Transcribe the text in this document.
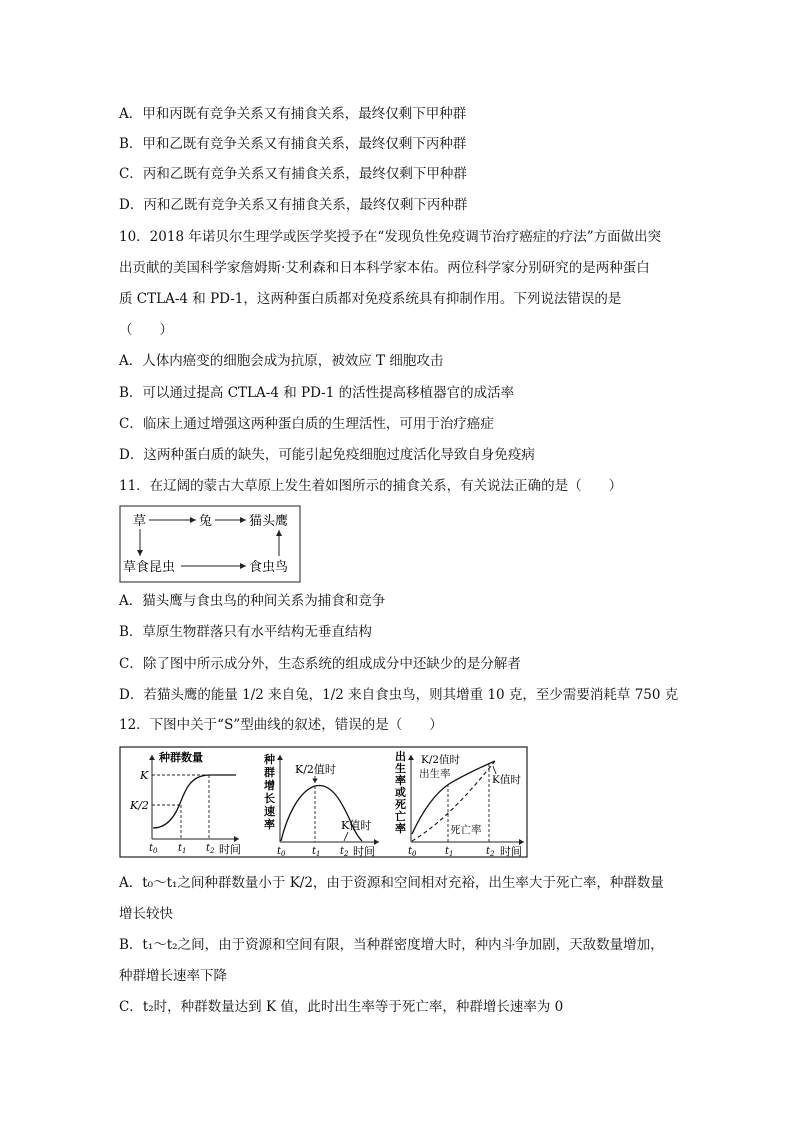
A．甲和丙既有竞争关系又有捕食关系，最终仅剩下甲种群
B．甲和乙既有竞争关系又有捕食关系，最终仅剩下丙种群
C．丙和乙既有竞争关系又有捕食关系，最终仅剩下甲种群
D．丙和乙既有竞争关系又有捕食关系，最终仅剩下丙种群
10．2018 年诺贝尔生理学或医学奖授予在“发现负性免疫调节治疗癌症的疗法”方面做出突
出贡献的美国科学家詹姆斯·艾利森和日本科学家本佑。两位科学家分别研究的是两种蛋白
质 CTLA-4 和 PD-1，这两种蛋白质都对免疫系统具有抑制作用。下列说法错误的是
（　　）
A．人体内癌变的细胞会成为抗原，被效应 T 细胞攻击
B．可以通过提高 CTLA-4 和 PD-1 的活性提高移植器官的成活率
C．临床上通过增强这两种蛋白质的生理活性，可用于治疗癌症
D．这两种蛋白质的缺失，可能引起免疫细胞过度活化导致自身免疫病
11．在辽阔的蒙古大草原上发生着如图所示的捕食关系，有关说法正确的是（　　）
草	兔	猫头鹰
草食昆虫	食虫鸟
A．猫头鹰与食虫鸟的种间关系为捕食和竞争
B．草原生物群落只有水平结构无垂直结构
C．除了图中所示成分外，生态系统的组成成分中还缺少的是分解者
D．若猫头鹰的能量 1/2 来自兔，1/2 来自食虫鸟，则其增重 10 克，至少需要消耗草 750 克
12．下图中关于“S”型曲线的叙述，错误的是（　　）
种群数量
K
K/2
$t_0$ $t_1$ $t_2$ 时间
种 群 增 长 速 率
K/2值时
K值时
$t_0$	$t_1$ $t_2$ 时间
出 生 率 或 死 亡 率
K/2值时
出生率	K值时
死亡率
$t_0$	$t_1$	$t_2$ 时间
A．t₀～t₁之间种群数量小于 K/2，由于资源和空间相对充裕，出生率大于死亡率，种群数量
增长较快
B．t₁～t₂之间，由于资源和空间有限，当种群密度增大时，种内斗争加剧，天敌数量增加，
种群增长速率下降
C．t₂时，种群数量达到 K 值，此时出生率等于死亡率，种群增长速率为 0
